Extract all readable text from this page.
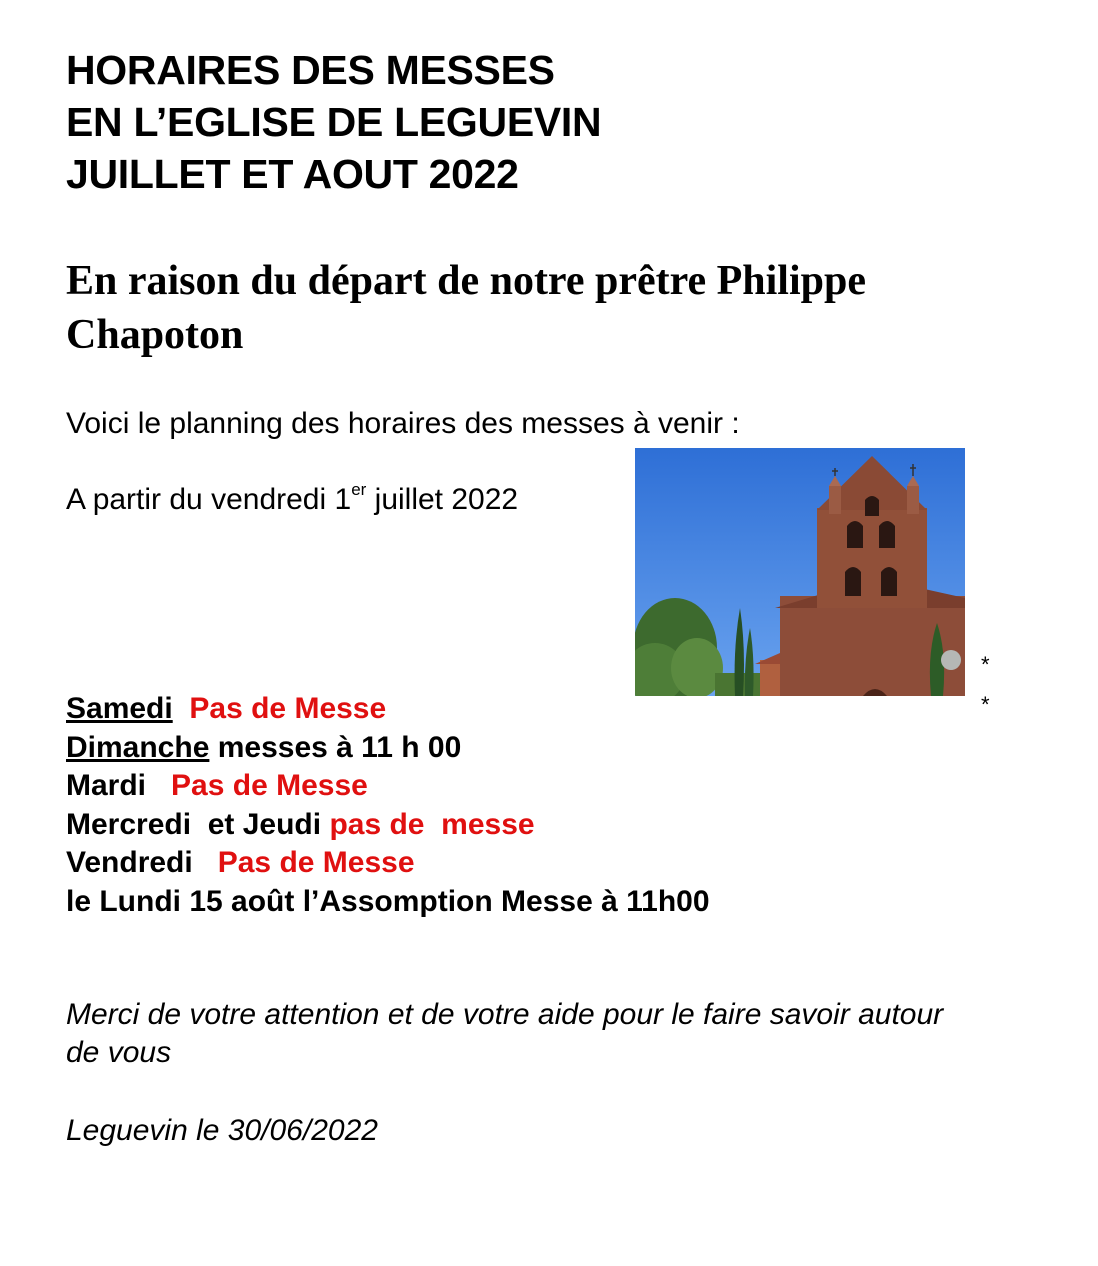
HORAIRES DES MESSES
EN L’EGLISE DE LEGUEVIN
JUILLET ET AOUT 2022

En raison du départ de notre prêtre Philippe Chapoton

Voici le planning des horaires des messes à venir :
A partir du vendredi 1er juillet 2022
*
*
Samedi Pas de Messe
Dimanche messes à 11 h 00
Mardi Pas de Messe
Mercredi  et Jeudi pas de  messe
Vendredi Pas de Messe
le Lundi 15 août l’Assomption Messe à 11h00
Merci de votre attention et de votre aide pour le faire savoir autour de vous
Leguevin le 30/06/2022
